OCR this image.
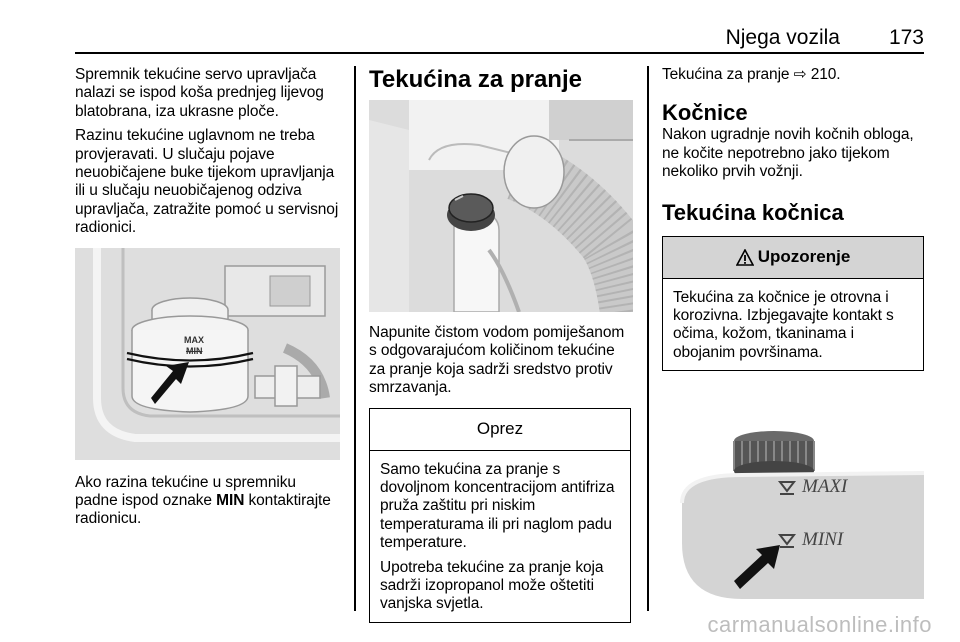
Njega vozila 173

Spremnik tekućine servo upravljača nalazi se ispod koša prednjeg lijevog blatobrana, iza ukrasne ploče.

Razinu tekućine uglavnom ne treba provjeravati. U slučaju pojave neuobičajene buke tijekom upravljanja ili u slučaju neuobičajenog odziva upravljača, zatražite pomoć u servisnoj radionici.

MAX
MIN

Ako razina tekućine u spremniku padne ispod oznake MIN kontaktirajte radionicu.

Tekućina za pranje

Napunite čistom vodom pomiješanom s odgovarajućom količinom tekućine za pranje koja sadrži sredstvo protiv smrzavanja.

Oprez

Samo tekućina za pranje s dovoljnom koncentracijom antifriza pruža zaštitu pri niskim temperaturama ili pri naglom padu temperature.

Upotreba tekućine za pranje koja sadrži izopropanol može oštetiti vanjska svjetla.

Tekućina za pranje ⇨ 210.

Kočnice

Nakon ugradnje novih kočnih obloga, ne kočite nepotrebno jako tijekom nekoliko prvih vožnji.

Tekućina kočnica
Upozorenje

Tekućina za kočnice je otrovna i korozivna. Izbjegavajte kontakt s očima, kožom, tkaninama i obojanim površinama.

MAXI
MINI
carmanualsonline.info
